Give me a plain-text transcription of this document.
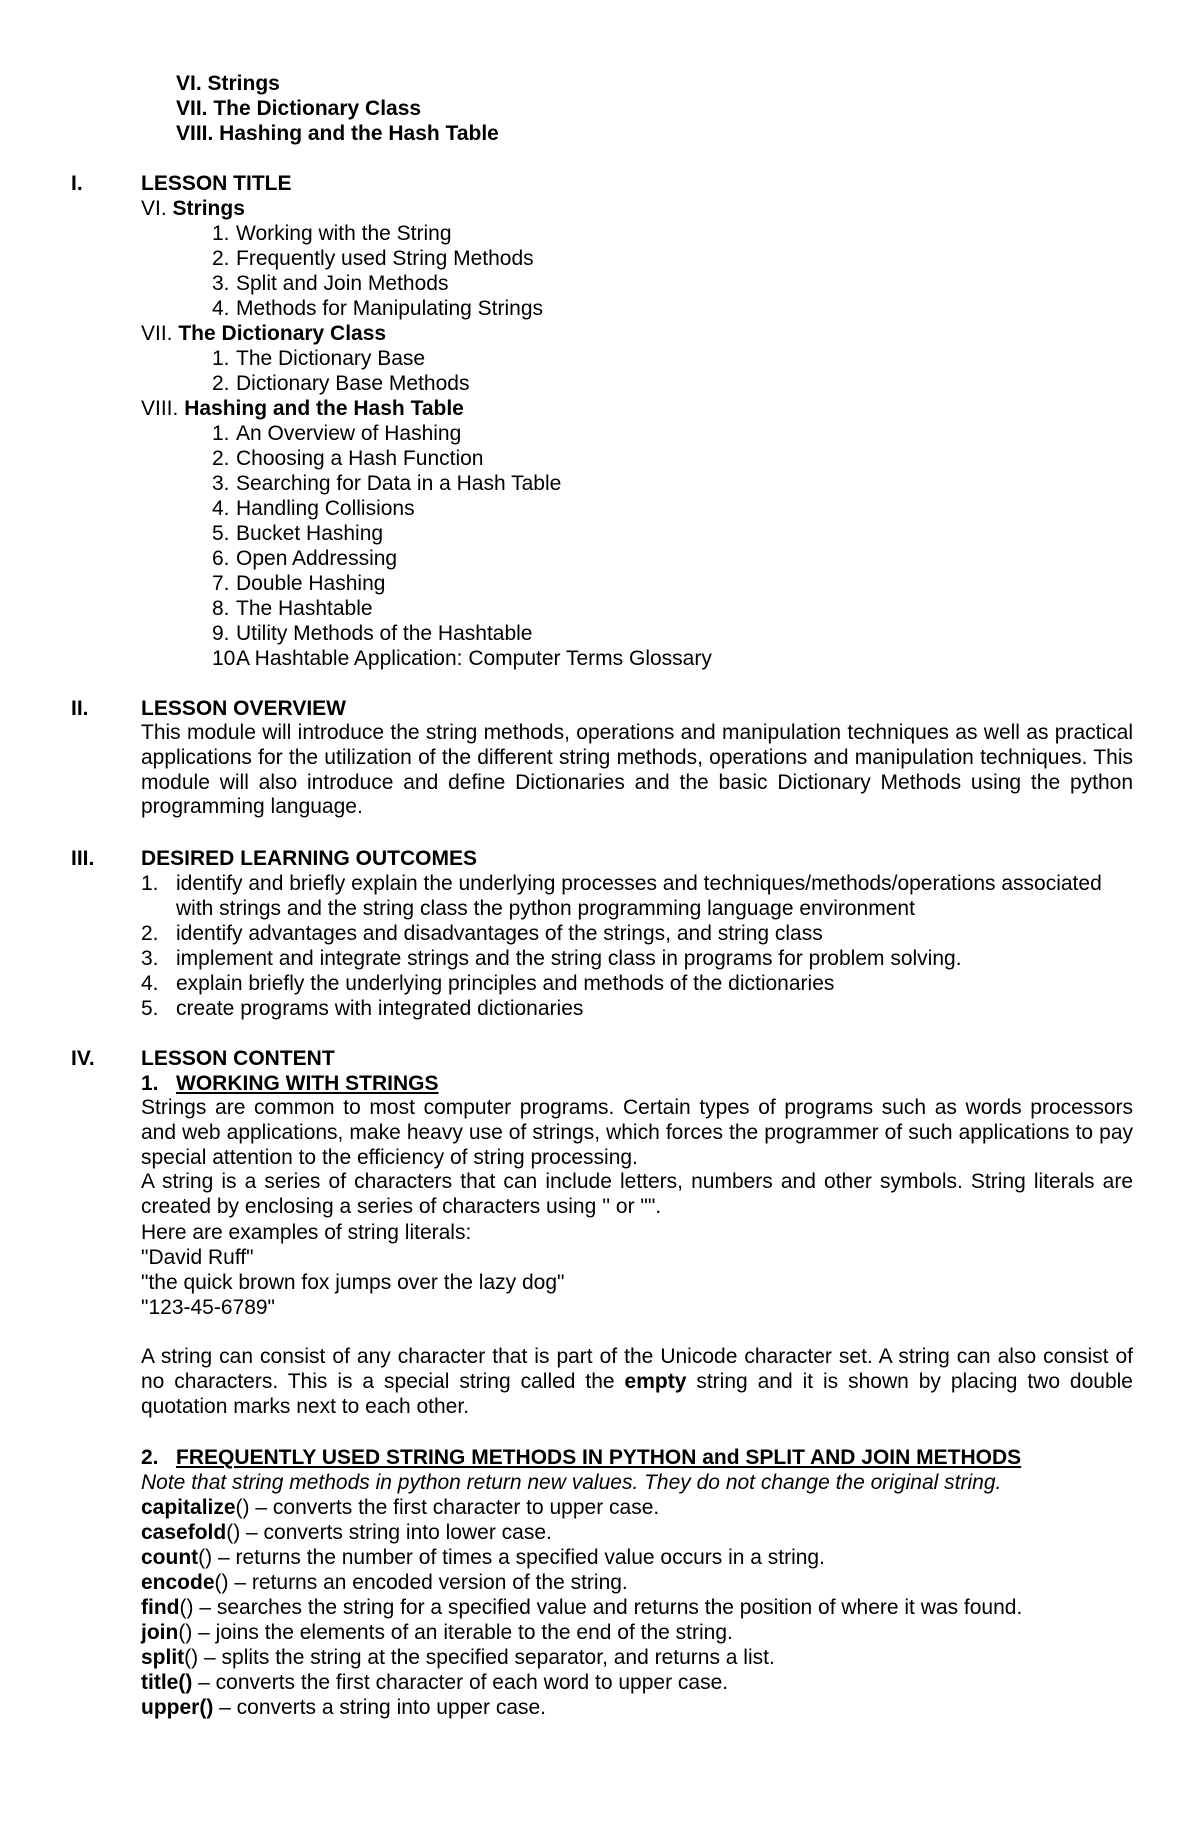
VI. Strings
VII. The Dictionary Class
VIII. Hashing and the Hash Table
I.	LESSON TITLE
VI. Strings
1. Working with the String
2. Frequently used String Methods
3. Split and Join Methods
4. Methods for Manipulating Strings
VII. The Dictionary Class
1. The Dictionary Base
2. Dictionary Base Methods
VIII. Hashing and the Hash Table
1. An Overview of Hashing
2. Choosing a Hash Function
3. Searching for Data in a Hash Table
4. Handling Collisions
5. Bucket Hashing
6. Open Addressing
7. Double Hashing
8. The Hashtable
9. Utility Methods of the Hashtable
10.A Hashtable Application: Computer Terms Glossary
II. LESSON OVERVIEW
This module will introduce the string methods, operations and manipulation techniques as well as practical applications for the utilization of the different string methods, operations and manipulation techniques. This module will also introduce and define Dictionaries and the basic Dictionary Methods using the python programming language.
III. DESIRED LEARNING OUTCOMES
1. identify and briefly explain the underlying processes and techniques/methods/operations associated
with strings and the string class the python programming language environment
2. identify advantages and disadvantages of the strings, and string class
3. implement and integrate strings and the string class in programs for problem solving.
4. explain briefly the underlying principles and methods of the dictionaries
5. create programs with integrated dictionaries
IV. LESSON CONTENT
1. WORKING WITH STRINGS
Strings are common to most computer programs. Certain types of programs such as words processors and web applications, make heavy use of strings, which forces the programmer of such applications to pay special attention to the efficiency of string processing.
A string is a series of characters that can include letters, numbers and other symbols. String literals are created by enclosing a series of characters using '' or "".
Here are examples of string literals:
"David Ruff"
"the quick brown fox jumps over the lazy dog"
"123-45-6789"
A string can consist of any character that is part of the Unicode character set. A string can also consist of no characters. This is a special string called the empty string and it is shown by placing two double quotation marks next to each other.
2. FREQUENTLY USED STRING METHODS IN PYTHON and SPLIT AND JOIN METHODS
Note that string methods in python return new values. They do not change the original string.
capitalize() – converts the first character to upper case.
casefold() – converts string into lower case.
count() – returns the number of times a specified value occurs in a string.
encode() – returns an encoded version of the string.
find() – searches the string for a specified value and returns the position of where it was found.
join() – joins the elements of an iterable to the end of the string.
split() – splits the string at the specified separator, and returns a list.
title() – converts the first character of each word to upper case.
upper() – converts a string into upper case.
